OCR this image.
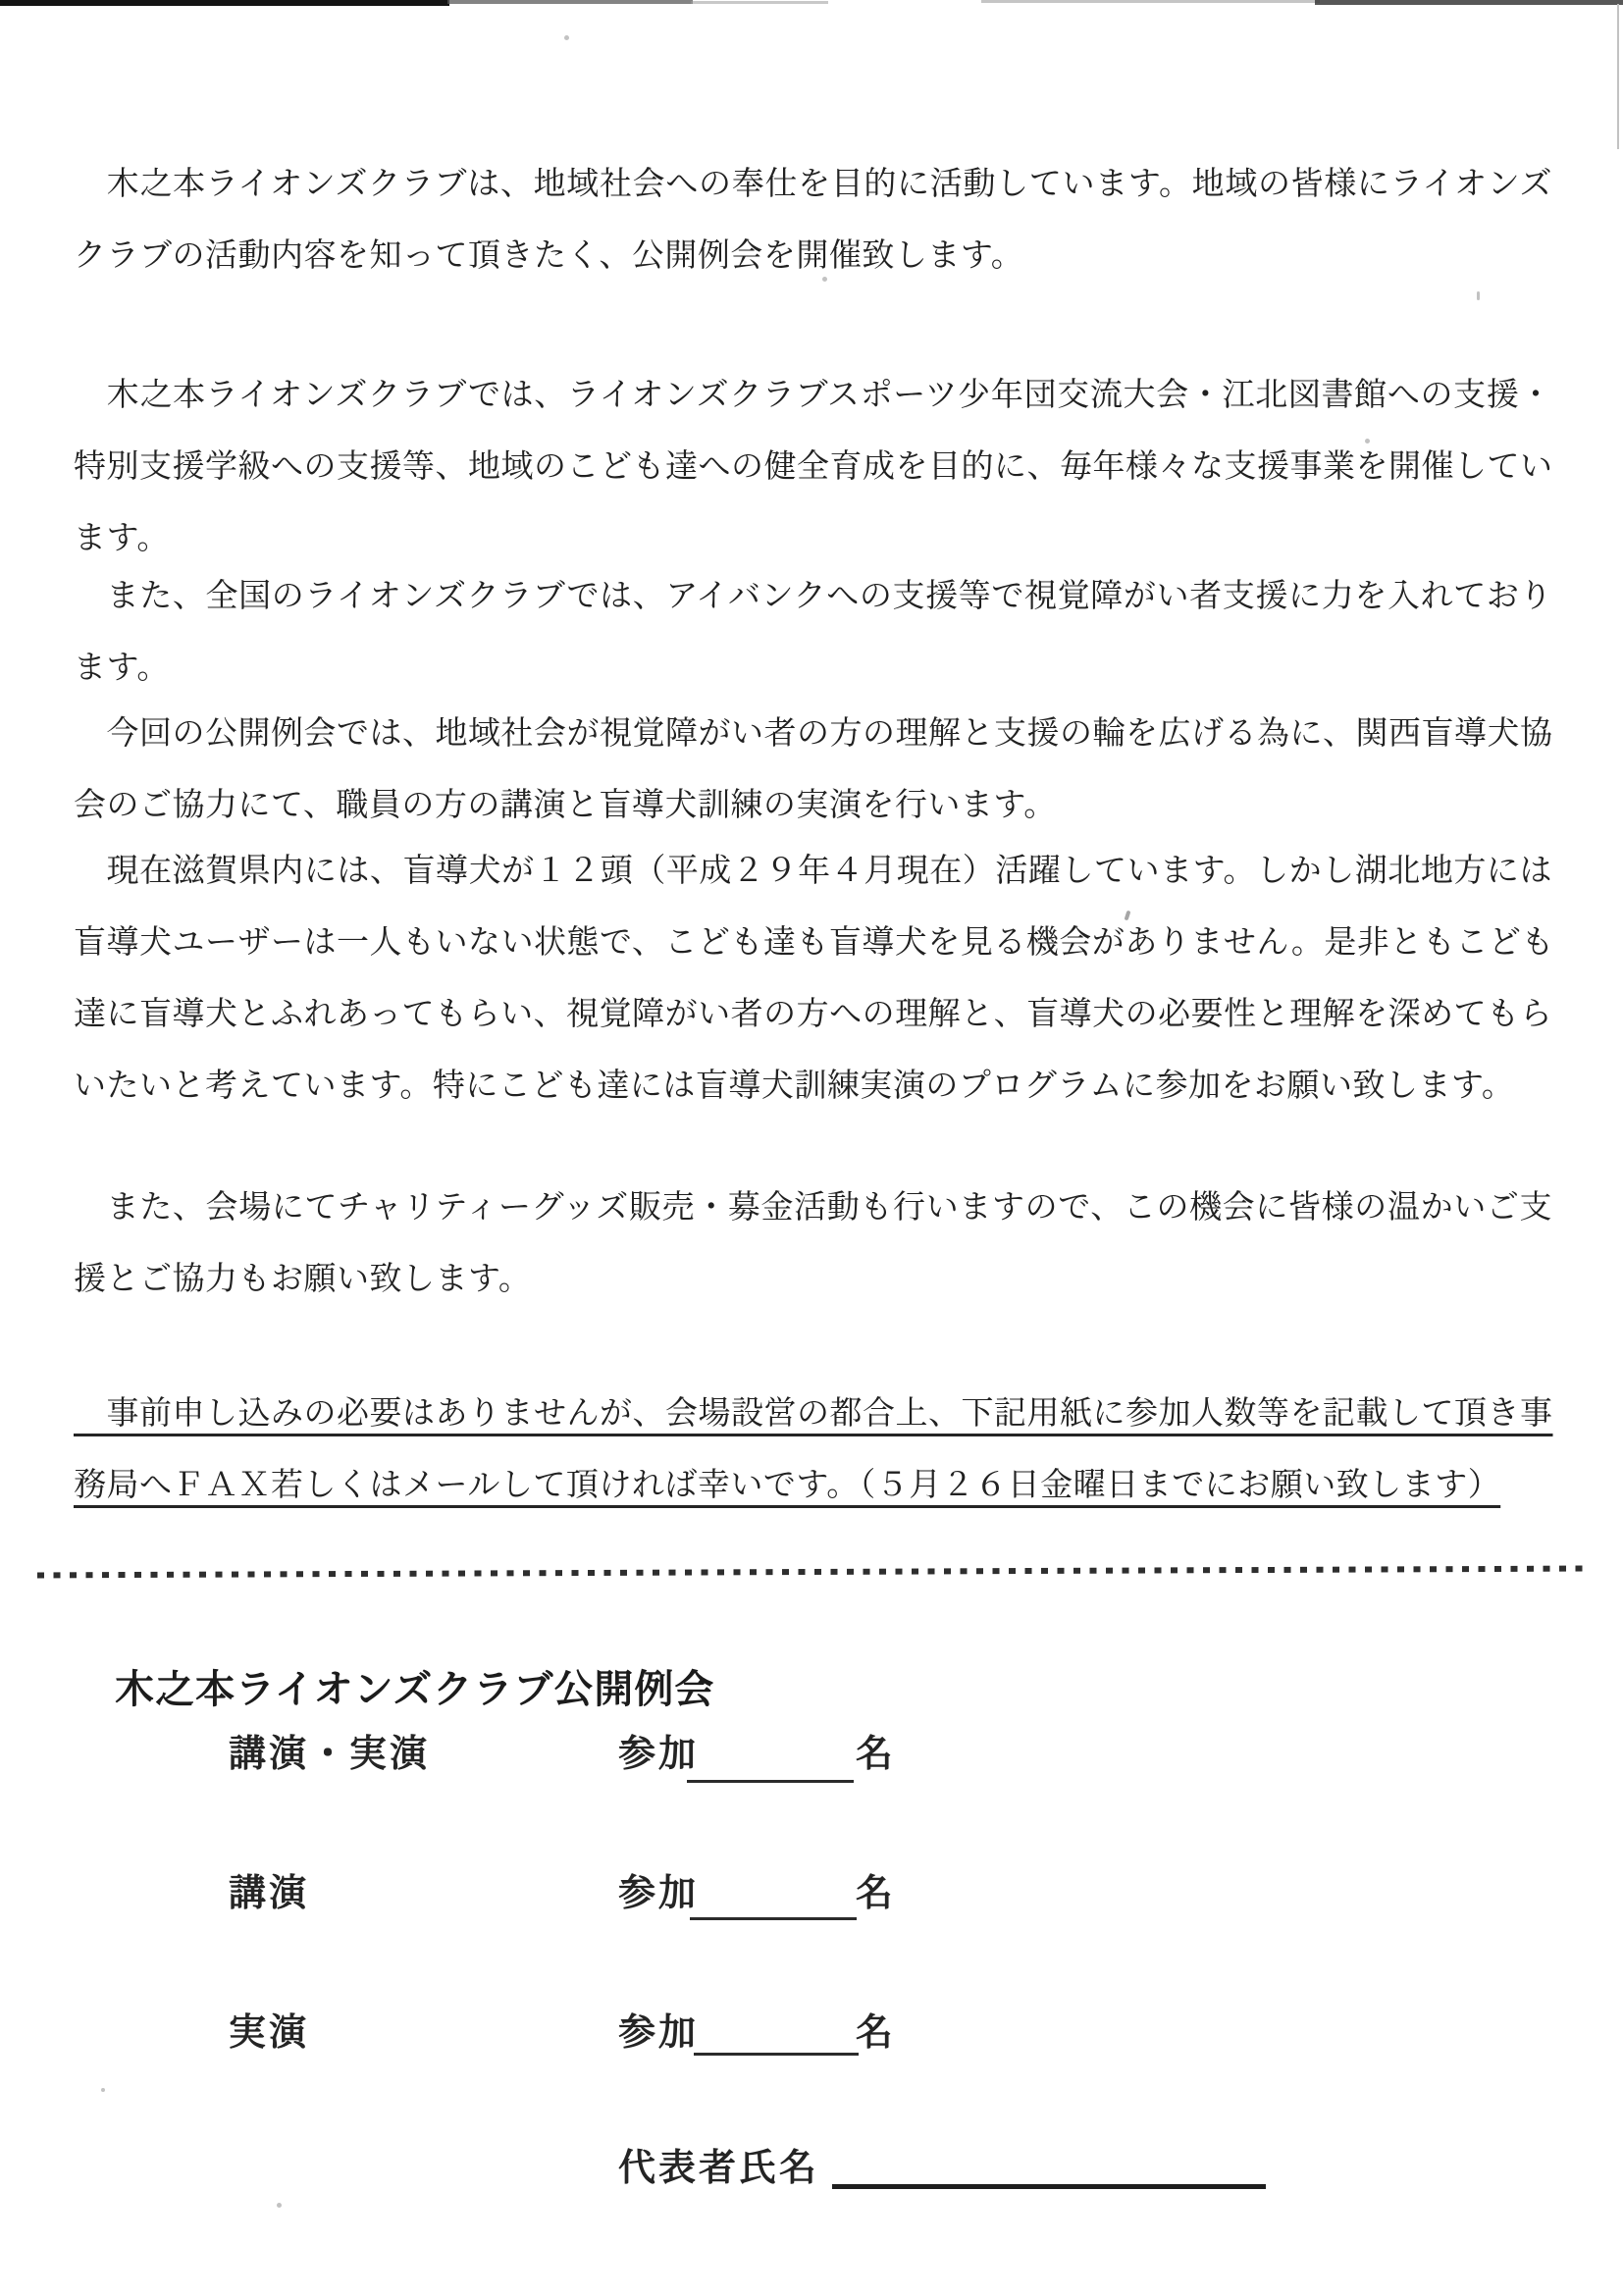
　木之本ライオンズクラブは、地域社会への奉仕を目的に活動しています。地域の皆様にライオンズ
クラブの活動内容を知って頂きたく、公開例会を開催致します。
　木之本ライオンズクラブでは、ライオンズクラブスポーツ少年団交流大会・江北図書館への支援・
特別支援学級への支援等、地域のこども達への健全育成を目的に、毎年様々な支援事業を開催してい
ます。
　また、全国のライオンズクラブでは、アイバンクへの支援等で視覚障がい者支援に力を入れており
ます。
　今回の公開例会では、地域社会が視覚障がい者の方の理解と支援の輪を広げる為に、関西盲導犬協
会のご協力にて、職員の方の講演と盲導犬訓練の実演を行います。
　現在滋賀県内には、盲導犬が１２頭（平成２９年４月現在）活躍しています。しかし湖北地方には
盲導犬ユーザーは一人もいない状態で、こども達も盲導犬を見る機会がありません。是非ともこども
達に盲導犬とふれあってもらい、視覚障がい者の方への理解と、盲導犬の必要性と理解を深めてもら
いたいと考えています。特にこども達には盲導犬訓練実演のプログラムに参加をお願い致します。
　また、会場にてチャリティーグッズ販売・募金活動も行いますので、この機会に皆様の温かいご支
援とご協力もお願い致します。
　事前申し込みの必要はありませんが、会場設営の都合上、下記用紙に参加人数等を記載して頂き事
務局へＦＡＸ若しくはメールして頂ければ幸いです。（５月２６日金曜日までにお願い致します）
木之本ライオンズクラブ公開例会
講演・実演	参加	名
講演	参加	名
実演	参加	名
代表者氏名
